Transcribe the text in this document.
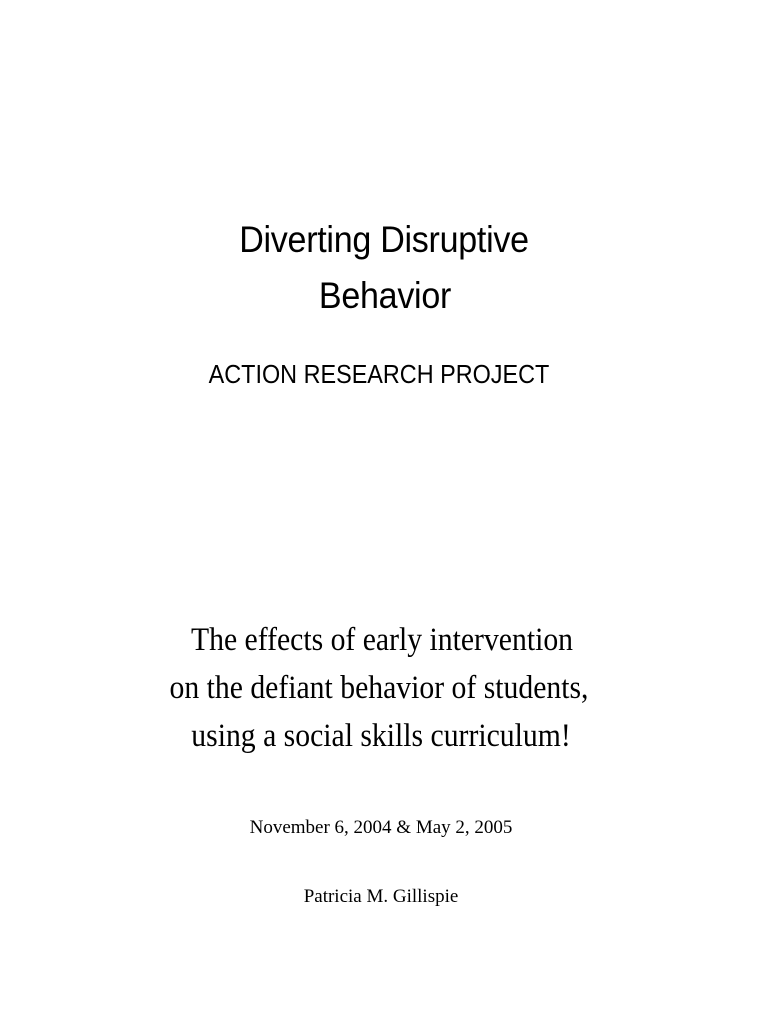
Diverting Disruptive
Behavior
ACTION RESEARCH PROJECT
The effects of early intervention
on the defiant behavior of students,
using a social skills curriculum!
November 6, 2004 & May 2, 2005
Patricia M. Gillispie
